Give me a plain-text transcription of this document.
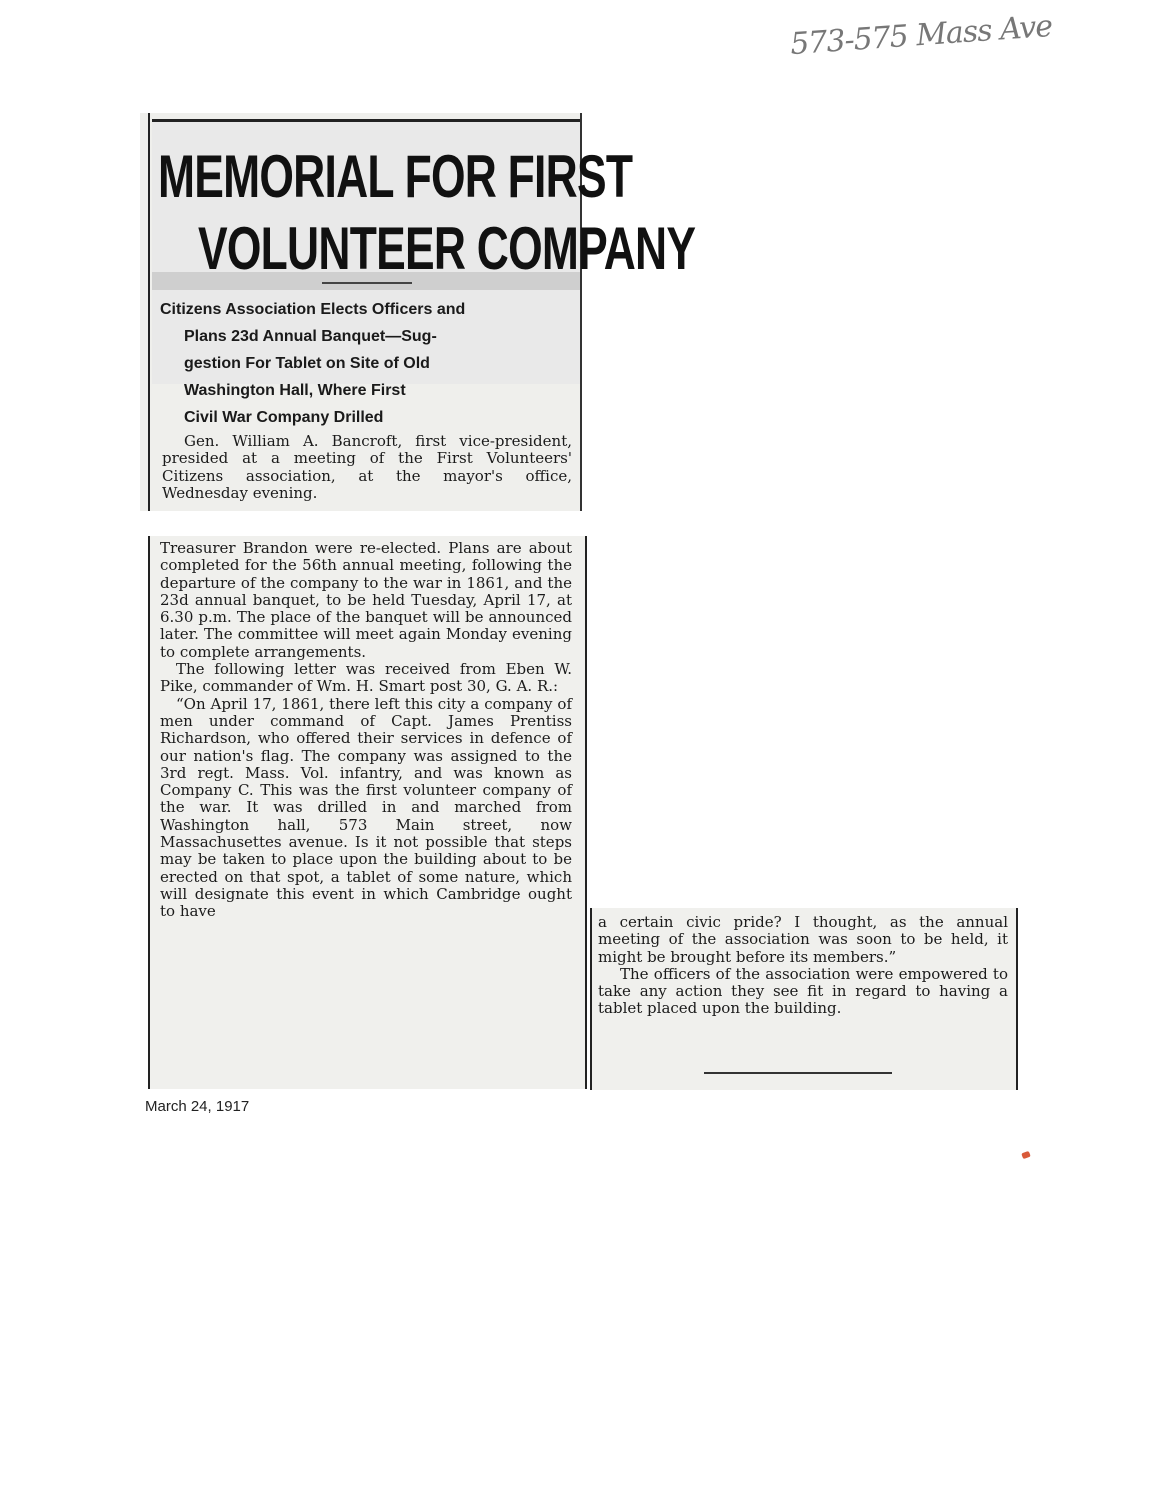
573-575 Mass Ave
MEMORIAL FOR FIRST
VOLUNTEER COMPANY
Citizens Association Elects Officers and
Plans 23d Annual Banquet—Sug-
gestion For Tablet on Site of Old
Washington Hall, Where First
Civil War Company Drilled

Gen. William A. Bancroft, first vice-president, presided at a meeting of the First Volunteers' Citizens association, at the mayor's office, Wednesday evening.

Treasurer Brandon were re-elected. Plans are about completed for the 56th annual meeting, following the departure of the company to the war in 1861, and the 23d annual banquet, to be held Tuesday, April 17, at 6.30 p.m. The place of the banquet will be announced later. The committee will meet again Monday evening to complete arrangements.

The following letter was received from Eben W. Pike, commander of Wm. H. Smart post 30, G. A. R.:

“On April 17, 1861, there left this city a company of men under command of Capt. James Prentiss Richardson, who offered their services in defence of our nation's flag. The company was assigned to the 3rd regt. Mass. Vol. infantry, and was known as Company C. This was the first volunteer company of the war. It was drilled in and marched from Washington hall, 573 Main street, now Massachusettes avenue. Is it not possible that steps may be taken to place upon the building about to be erected on that spot, a tablet of some nature, which will designate this event in which Cambridge ought to have

a certain civic pride? I thought, as the annual meeting of the association was soon to be held, it might be brought before its members.”

The officers of the association were empowered to take any action they see fit in regard to having a tablet placed upon the building.

March 24, 1917
